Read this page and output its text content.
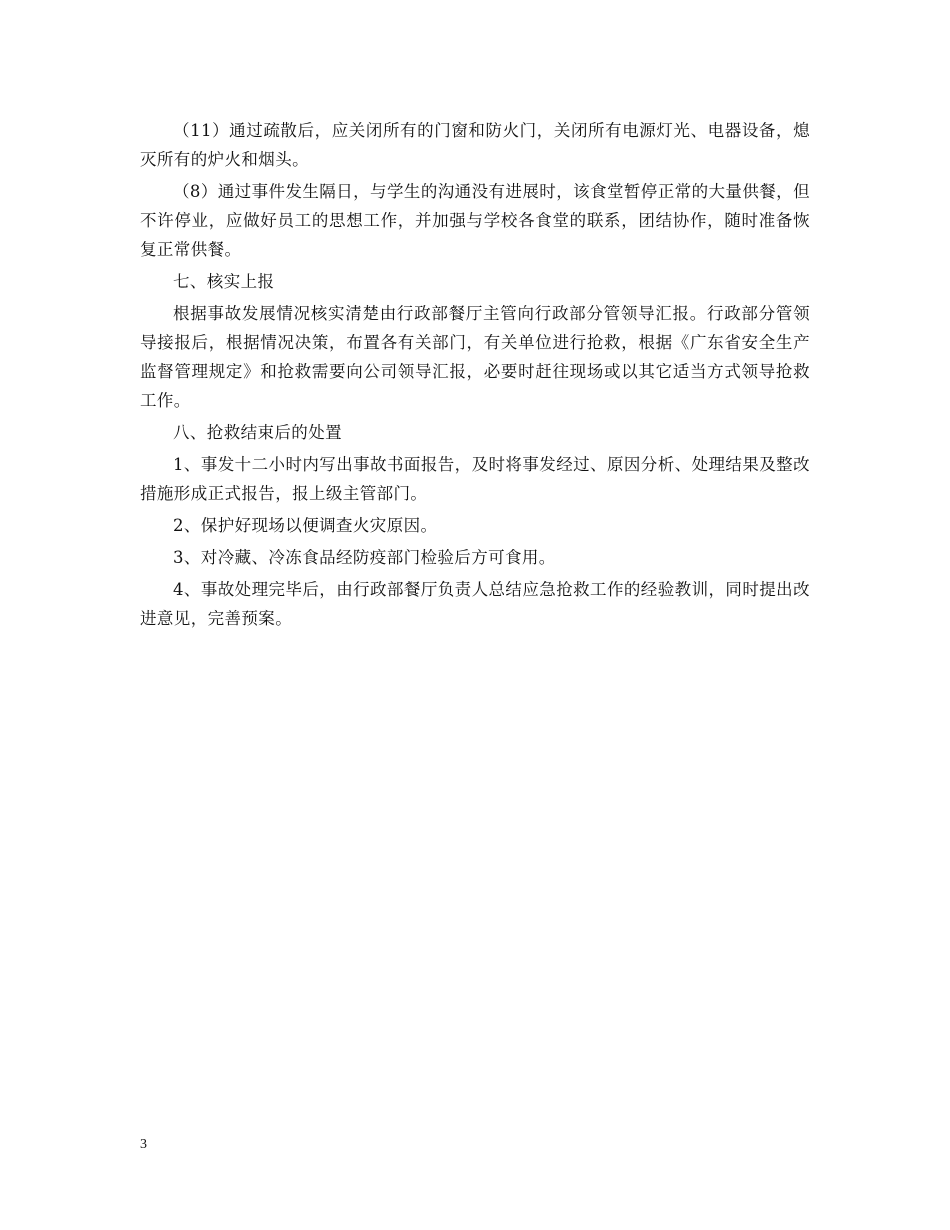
（11）通过疏散后，应关闭所有的门窗和防火门，关闭所有电源灯光、电器设备，熄灭所有的炉火和烟头。

（8）通过事件发生隔日，与学生的沟通没有进展时，该食堂暂停正常的大量供餐，但不许停业，应做好员工的思想工作，并加强与学校各食堂的联系，团结协作，随时准备恢复正常供餐。

七、核实上报

根据事故发展情况核实清楚由行政部餐厅主管向行政部分管领导汇报。行政部分管领导接报后，根据情况决策，布置各有关部门，有关单位进行抢救，根据《广东省安全生产监督管理规定》和抢救需要向公司领导汇报，必要时赶往现场或以其它适当方式领导抢救工作。

八、抢救结束后的处置

1、事发十二小时内写出事故书面报告，及时将事发经过、原因分析、处理结果及整改措施形成正式报告，报上级主管部门。

2、保护好现场以便调查火灾原因。

3、对冷藏、冷冻食品经防疫部门检验后方可食用。

4、事故处理完毕后，由行政部餐厅负责人总结应急抢救工作的经验教训，同时提出改进意见，完善预案。

3
